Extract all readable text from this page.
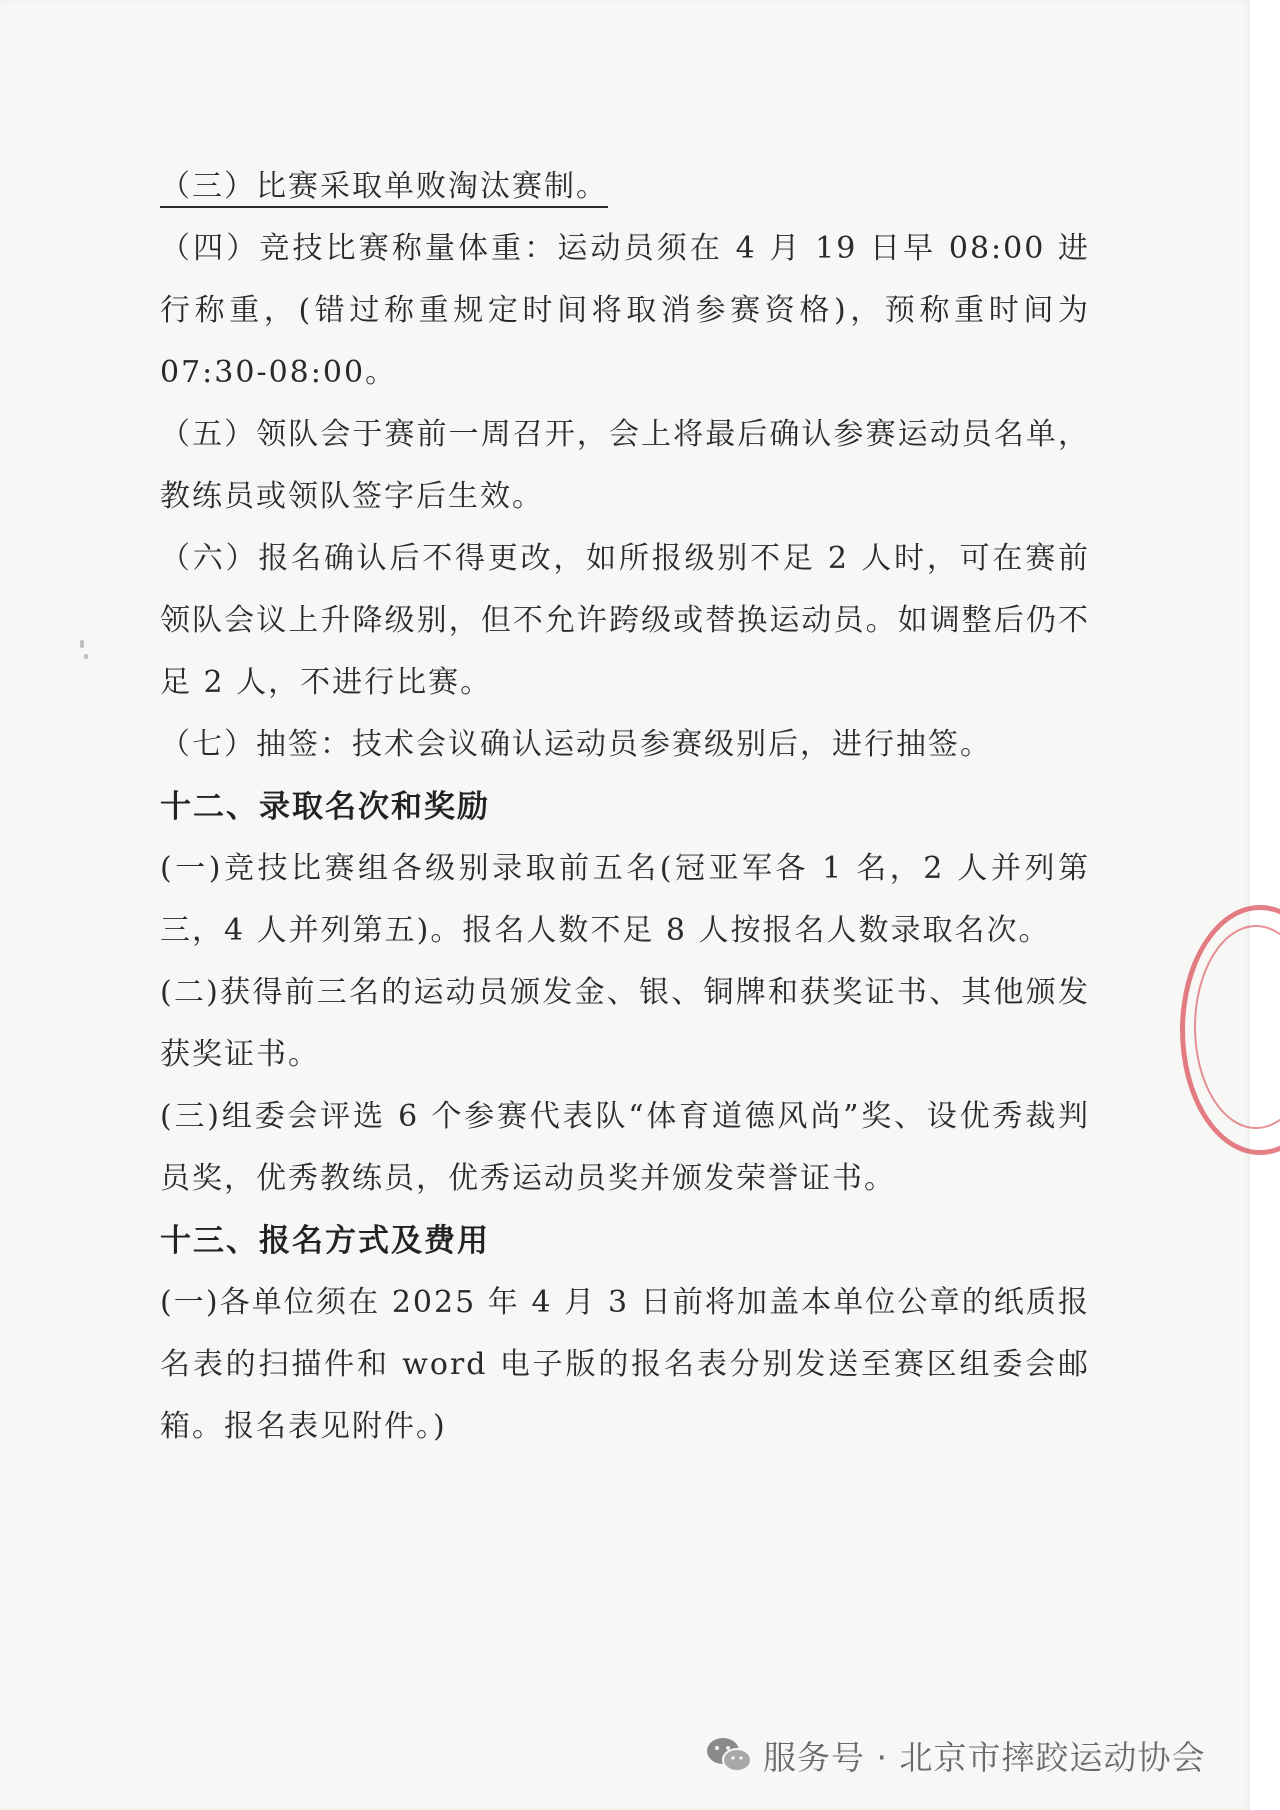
（三）比赛采取单败淘汰赛制。

（四）竞技比赛称量体重：运动员须在 4 月 19 日早 08:00 进行称重，(错过称重规定时间将取消参赛资格)，预称重时间为 07:30-08:00。

（五）领队会于赛前一周召开，会上将最后确认参赛运动员名单，教练员或领队签字后生效。

（六）报名确认后不得更改，如所报级别不足 2 人时，可在赛前领队会议上升降级别，但不允许跨级或替换运动员。如调整后仍不足 2 人，不进行比赛。

（七）抽签：技术会议确认运动员参赛级别后，进行抽签。

十二、录取名次和奖励

(一)竞技比赛组各级别录取前五名(冠亚军各 1 名，2 人并列第三，4 人并列第五)。报名人数不足 8 人按报名人数录取名次。

(二)获得前三名的运动员颁发金、银、铜牌和获奖证书、其他颁发获奖证书。

(三)组委会评选 6 个参赛代表队“体育道德风尚”奖、设优秀裁判员奖，优秀教练员，优秀运动员奖并颁发荣誉证书。

十三、报名方式及费用

(一)各单位须在 2025 年 4 月 3 日前将加盖本单位公章的纸质报名表的扫描件和 word 电子版的报名表分别发送至赛区组委会邮箱。报名表见附件。)

服务号 · 北京市摔跤运动协会
